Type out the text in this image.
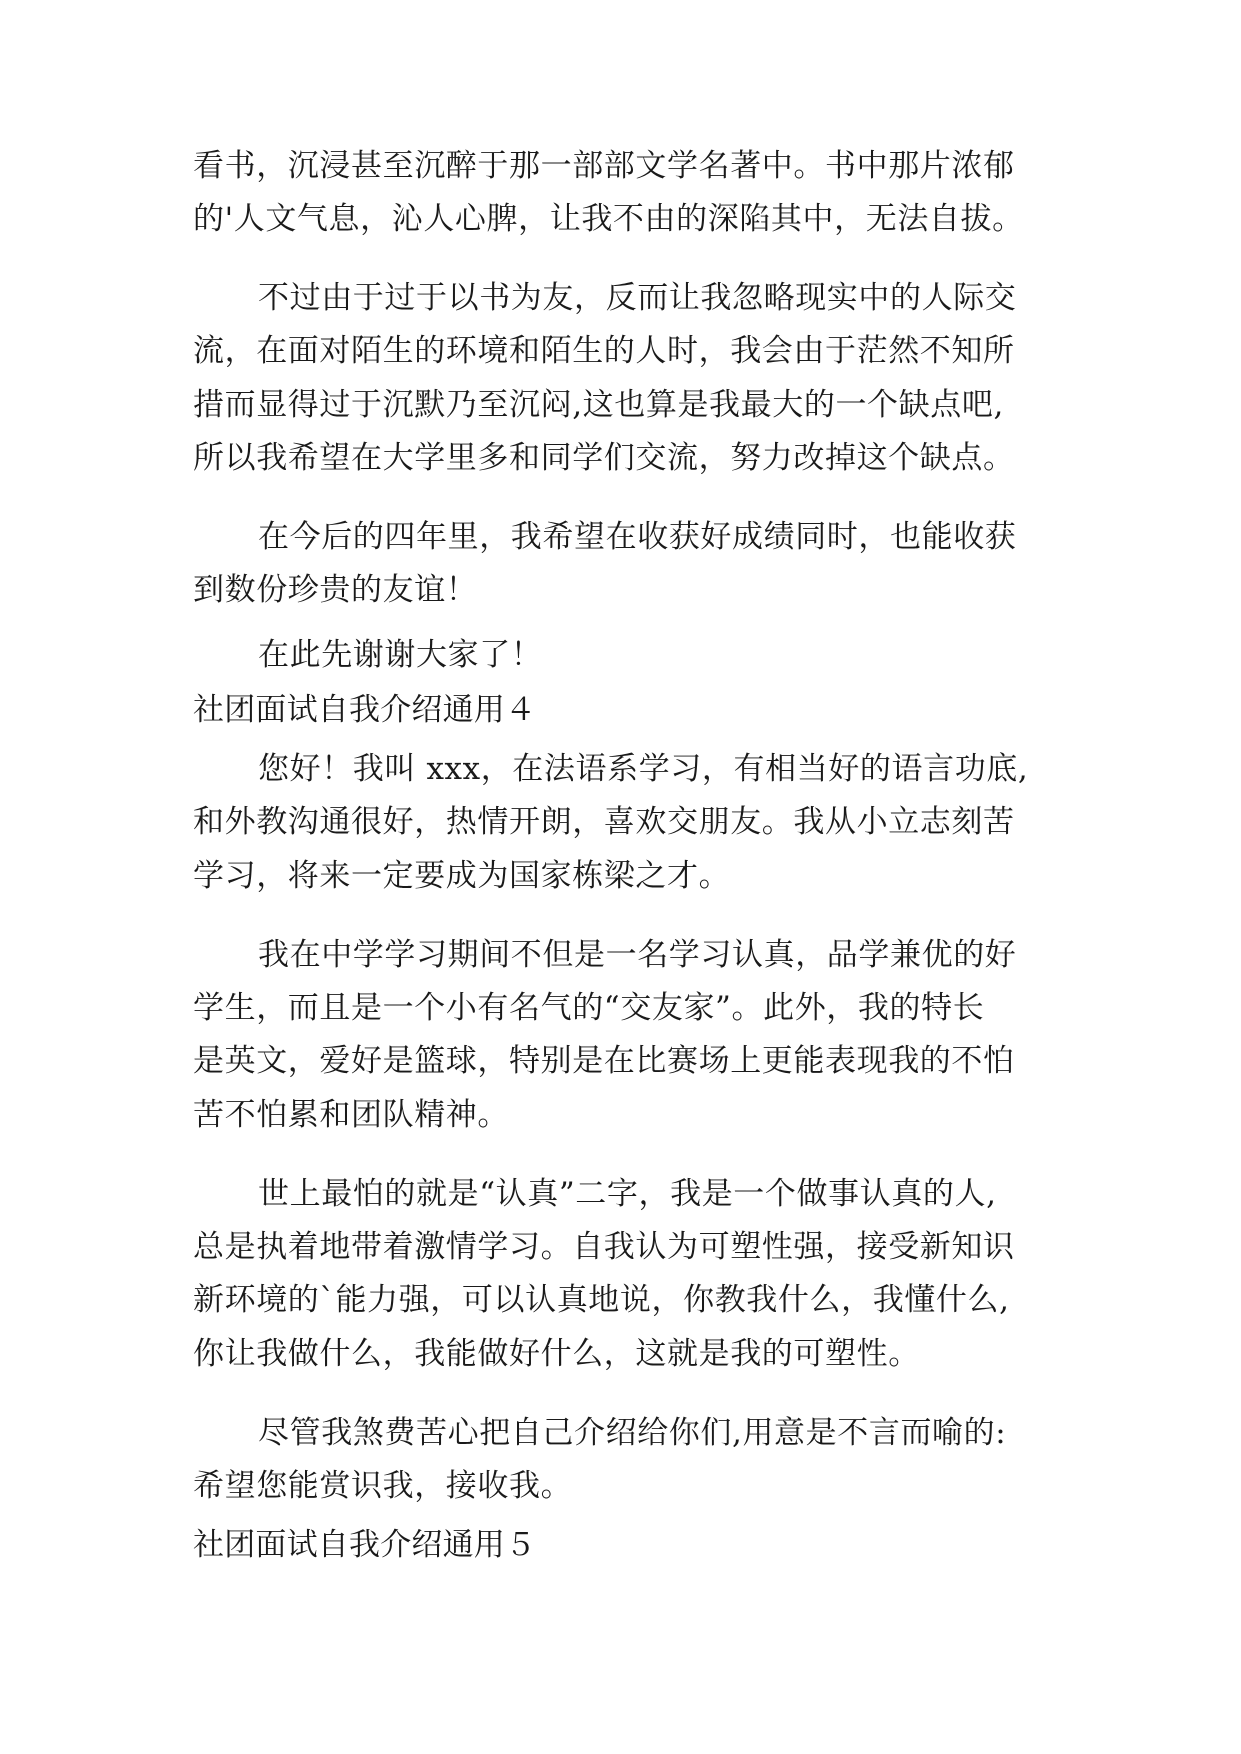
看书，沉浸甚至沉醉于那一部部文学名著中。书中那片浓郁
的'人文气息，沁人心脾，让我不由的深陷其中，无法自拔。
不过由于过于以书为友，反而让我忽略现实中的人际交
流，在面对陌生的环境和陌生的人时，我会由于茫然不知所
措而显得过于沉默乃至沉闷,这也算是我最大的一个缺点吧,
所以我希望在大学里多和同学们交流，努力改掉这个缺点。
在今后的四年里，我希望在收获好成绩同时，也能收获
到数份珍贵的友谊！
在此先谢谢大家了！
社团面试自我介绍通用４
您好！我叫 xxx，在法语系学习，有相当好的语言功底,
和外教沟通很好，热情开朗，喜欢交朋友。我从小立志刻苦
学习，将来一定要成为国家栋梁之才。
我在中学学习期间不但是一名学习认真，品学兼优的好
学生，而且是一个小有名气的“交友家”。此外，我的特长
是英文，爱好是篮球，特别是在比赛场上更能表现我的不怕
苦不怕累和团队精神。
世上最怕的就是“认真”二字，我是一个做事认真的人,
总是执着地带着激情学习。自我认为可塑性强，接受新知识
新环境的`能力强，可以认真地说，你教我什么，我懂什么,
你让我做什么，我能做好什么，这就是我的可塑性。
尽管我煞费苦心把自己介绍给你们,用意是不言而喻的:
希望您能赏识我，接收我。
社团面试自我介绍通用５
